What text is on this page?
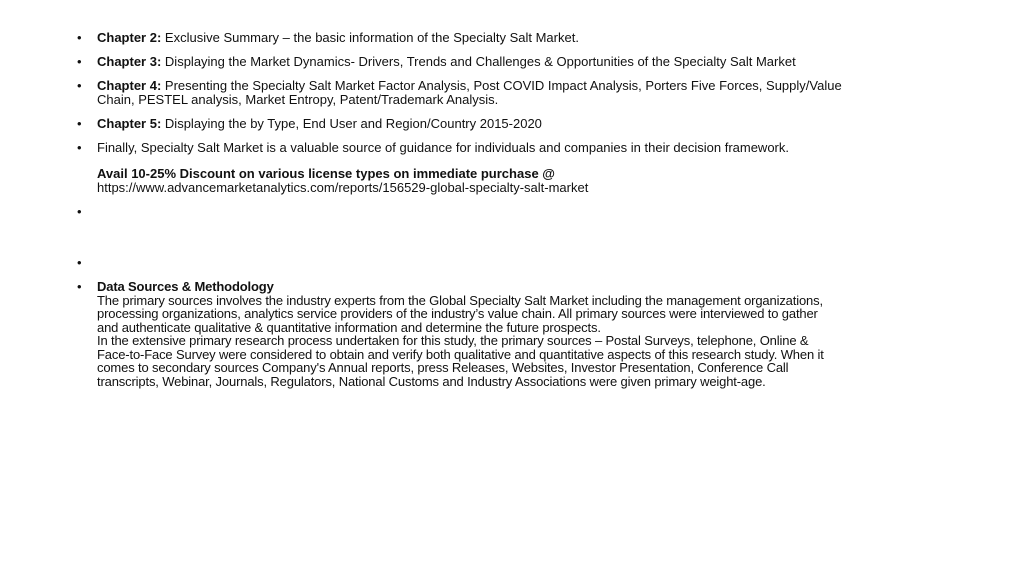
•	Chapter 2: Exclusive Summary – the basic information of the Specialty Salt Market.
•	Chapter 3: Displaying the Market Dynamics- Drivers, Trends and Challenges & Opportunities of the Specialty Salt Market
•	Chapter 4: Presenting the Specialty Salt Market Factor Analysis, Post COVID Impact Analysis, Porters Five Forces, Supply/Value
Chain, PESTEL analysis, Market Entropy, Patent/Trademark Analysis.
•	Chapter 5: Displaying the by Type, End User and Region/Country 2015-2020
•	Finally, Specialty Salt Market is a valuable source of guidance for individuals and companies in their decision framework.
Avail 10-25% Discount on various license types on immediate purchase @
https://www.advancemarketanalytics.com/reports/156529-global-specialty-salt-market
•
•
•	Data Sources & Methodology
The primary sources involves the industry experts from the Global Specialty Salt Market including the management organizations,
processing organizations, analytics service providers of the industry’s value chain. All primary sources were interviewed to gather
and authenticate qualitative & quantitative information and determine the future prospects.
In the extensive primary research process undertaken for this study, the primary sources – Postal Surveys, telephone, Online &
Face-to-Face Survey were considered to obtain and verify both qualitative and quantitative aspects of this research study. When it
comes to secondary sources Company's Annual reports, press Releases, Websites, Investor Presentation, Conference Call
transcripts, Webinar, Journals, Regulators, National Customs and Industry Associations were given primary weight-age.
